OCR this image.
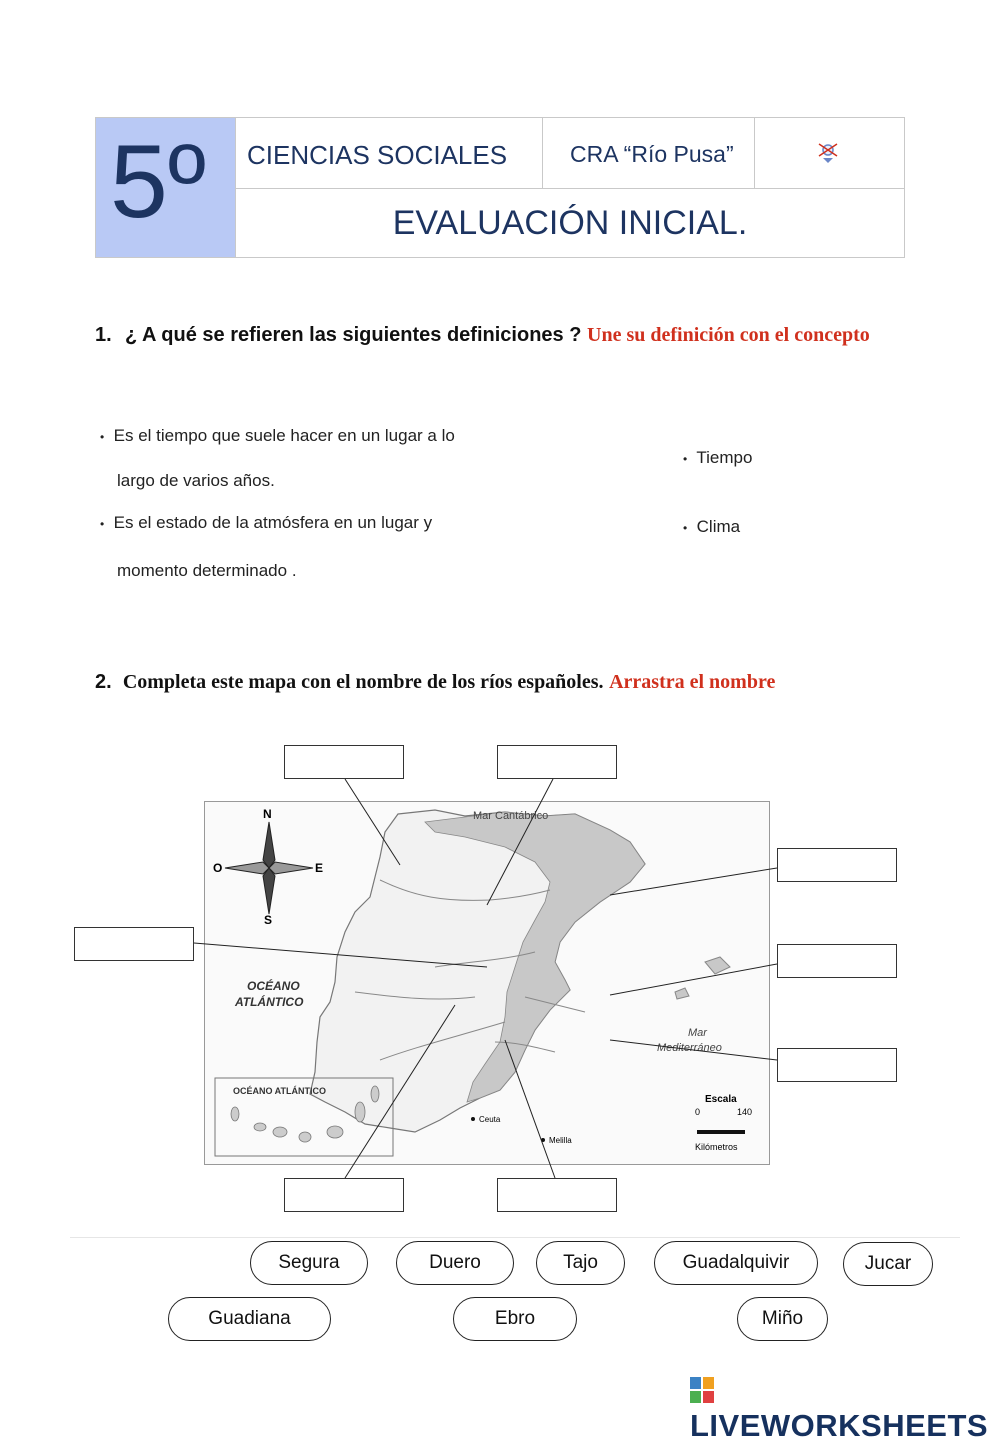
5º	CIENCIAS SOCIALES	CRA “Río Pusa”
EVALUACIÓN INICIAL.
1. ¿ A qué se refieren las siguientes definiciones ? Une su definición con el concepto
• Es el tiempo que suele hacer en un lugar a lo
largo de varios años.
• Es el estado de la atmósfera en un lugar y
momento determinado .
• Tiempo
• Clima
2. Completa este mapa con el nombre de los ríos españoles. Arrastra el nombre
N
S
E
O
Mar Cantábrico
OCÉANO
ATLÁNTICO
Mar
Mediterráneo
OCÉANO ATLÁNTICO
Escala
0	140
Kilómetros
Ceuta
Melilla
Segura	Duero	Tajo	Guadalquivir	Jucar
Guadiana	Ebro	Miño
LIVEWORKSHEETS
